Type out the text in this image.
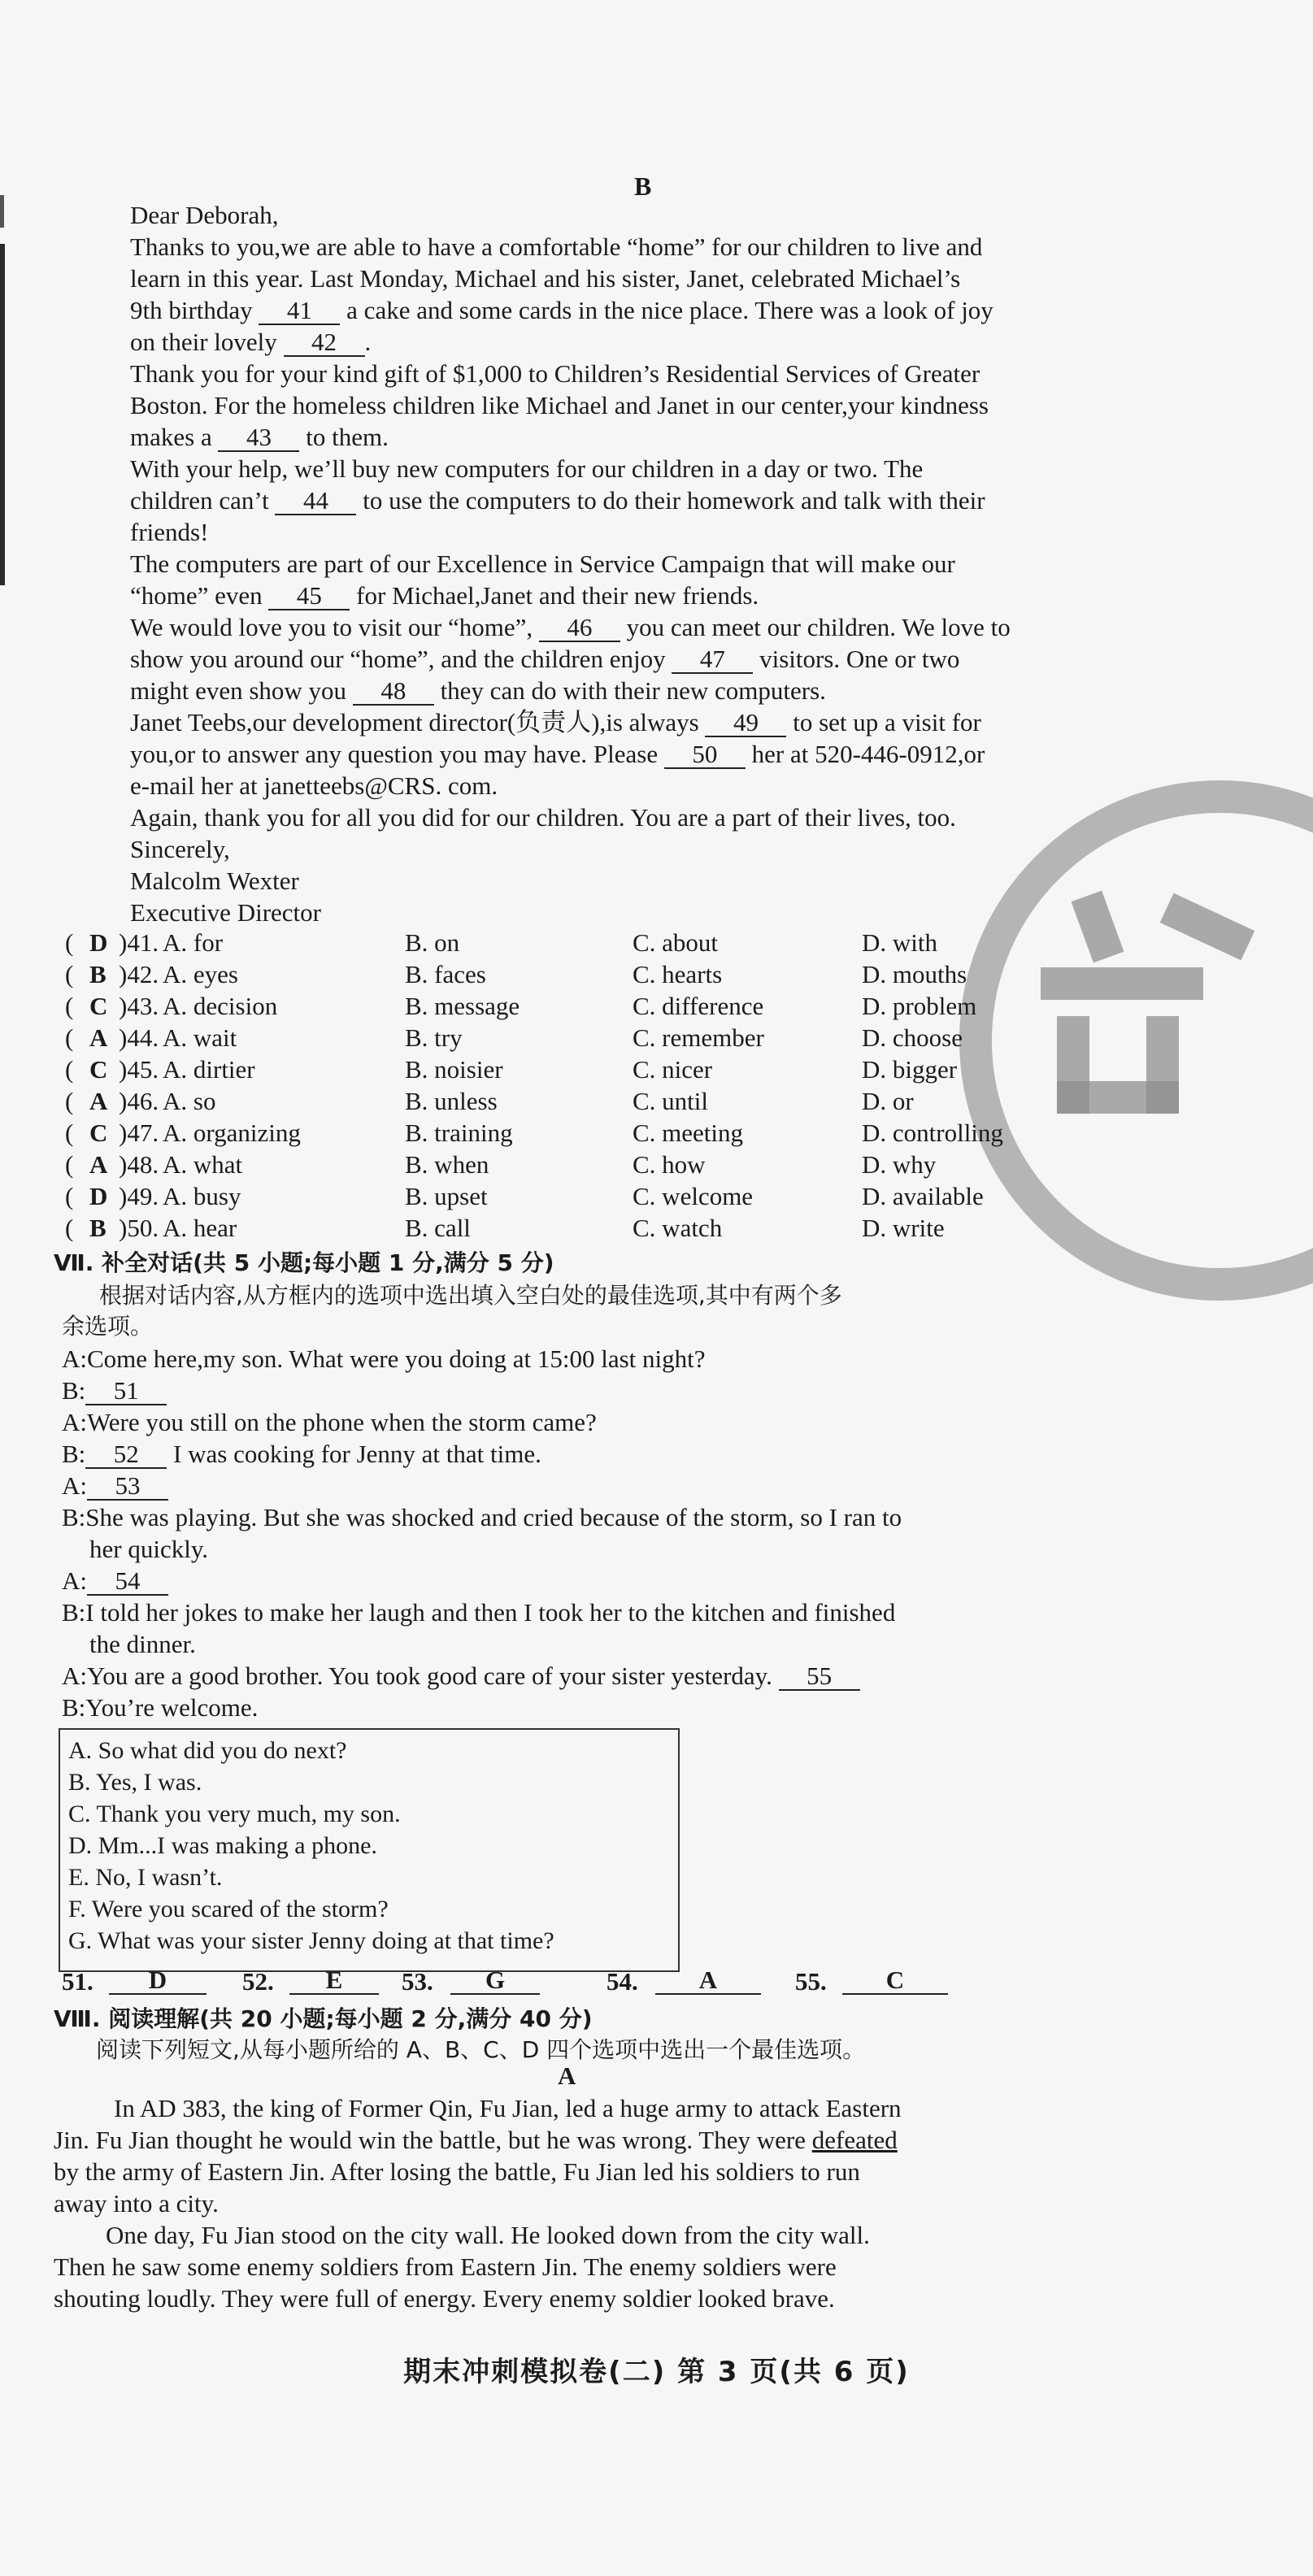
B

Dear Deborah,

Thanks to you,we are able to have a comfortable “home” for our children to live and

learn in this year. Last Monday, Michael and his sister, Janet, celebrated Michael’s

9th birthday 41 a cake and some cards in the nice place. There was a look of joy

on their lovely 42 .

Thank you for your kind gift of $1,000 to Children’s Residential Services of Greater

Boston. For the homeless children like Michael and Janet in our center,your kindness

makes a 43 to them.

With your help, we’ll buy new computers for our children in a day or two. The

children can’t 44 to use the computers to do their homework and talk with their

friends!

The computers are part of our Excellence in Service Campaign that will make our

“home” even 45 for Michael,Janet and their new friends.

We would love you to visit our “home”, 46 you can meet our children. We love to

show you around our “home”, and the children enjoy 47 visitors. One or two

might even show you 48 they can do with their new computers.

Janet Teebs,our development director(负责人),is always 49 to set up a visit for

you,or to answer any question you may have. Please 50 her at 520-446-0912,or

e-mail her at janetteebs@CRS. com.

Again, thank you for all you did for our children. You are a part of their lives, too.

Sincerely,

Malcolm Wexter

Executive Director

( D )41. A. for	B. on	C. about	D. with
( B )42. A. eyes	B. faces	C. hearts	D. mouths
( C )43. A. decision	B. message	C. difference	D. problem
( A )44. A. wait	B. try	C. remember	D. choose
( C )45. A. dirtier	B. noisier	C. nicer	D. bigger
( A )46. A. so	B. unless	C. until	D. or
( C )47. A. organizing	B. training	C. meeting	D. controlling
( A )48. A. what	B. when	C. how	D. why
( D )49. A. busy	B. upset	C. welcome	D. available
( B )50. A. hear	B. call	C. watch	D. write
Ⅶ. 补全对话(共 5 小题;每小题 1 分,满分 5 分)
根据对话内容,从方框内的选项中选出填入空白处的最佳选项,其中有两个多
余选项。
A:Come here,my son. What were you doing at 15:00 last night?
B: 51
A:Were you still on the phone when the storm came?
B: 52 I was cooking for Jenny at that time.
A: 53
B:She was playing. But she was shocked and cried because of the storm, so I ran to
her quickly.
A: 54
B:I told her jokes to make her laugh and then I took her to the kitchen and finished
the dinner.
A:You are a good brother. You took good care of your sister yesterday. 55
B:You’re welcome.
A. So what did you do next?
B. Yes, I was.
C. Thank you very much, my son.
D. Mm...I was making a phone.
E. No, I wasn’t.
F. Were you scared of the storm?
G. What was your sister Jenny doing at that time?
51.	D	52.	E	53.	G	54.	A	55.	C
Ⅷ. 阅读理解(共 20 小题;每小题 2 分,满分 40 分)
阅读下列短文,从每小题所给的 A、B、C、D 四个选项中选出一个最佳选项。
A
In AD 383, the king of Former Qin, Fu Jian, led a huge army to attack Eastern
Jin. Fu Jian thought he would win the battle, but he was wrong. They were defeated
by the army of Eastern Jin. After losing the battle, Fu Jian led his soldiers to run
away into a city.
One day, Fu Jian stood on the city wall. He looked down from the city wall.
Then he saw some enemy soldiers from Eastern Jin. The enemy soldiers were
shouting loudly. They were full of energy. Every enemy soldier looked brave.
期末冲刺模拟卷(二) 第 3 页(共 6 页)
